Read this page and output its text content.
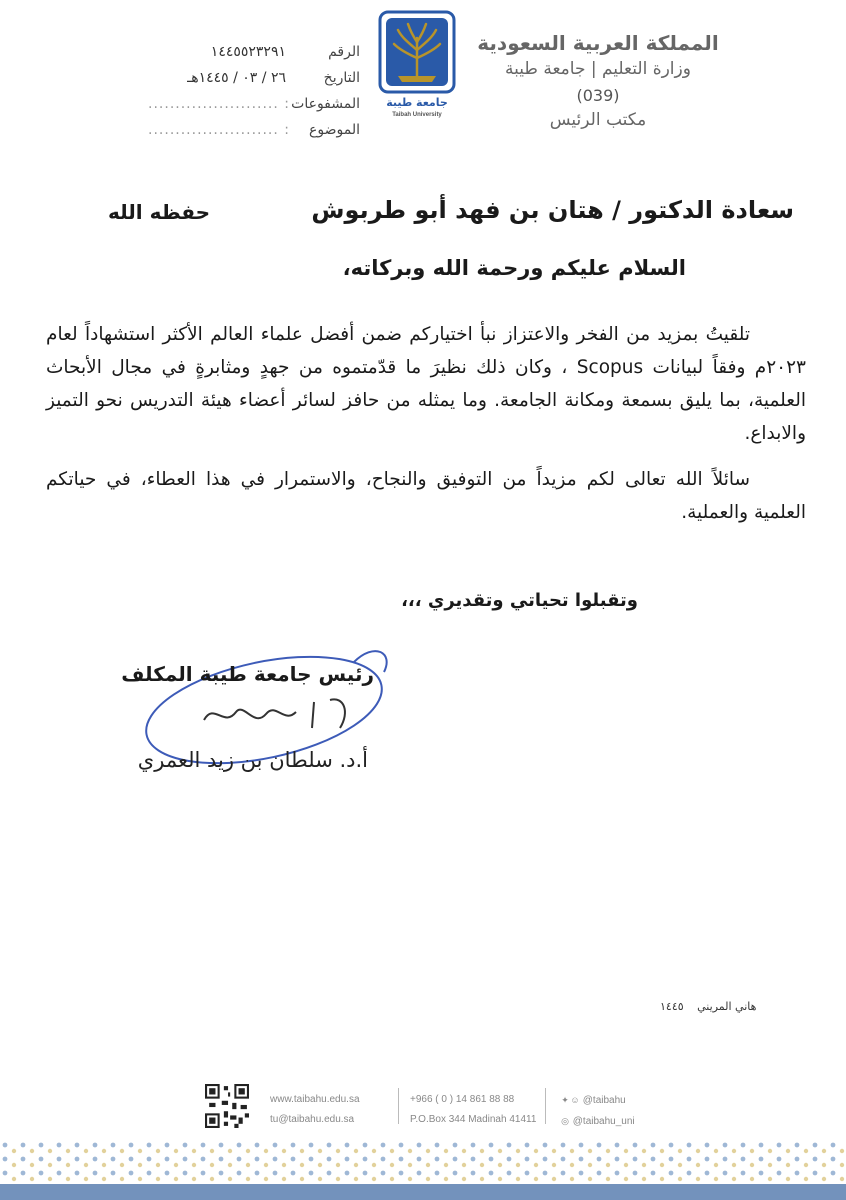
المملكة العربية السعودية
وزارة التعليم | جامعة طيبة
(039)
مكتب الرئيس
جامعة طيبة
Taibah University
الرقم
١٤٤٥٥٢٣٢٩١
التاريخ
٢٦ / ٠٣ / ١٤٤٥هـ
المشفوعات
: ........................
الموضوع
: ........................
سعادة الدكتور / هتان بن فهد أبو طربوش
حفظه الله
السلام عليكم ورحمة الله وبركاته،

تلقيتُ بمزيد من الفخر والاعتزاز نبأ اختياركم ضمن أفضل علماء العالم الأكثر استشهاداً لعام ٢٠٢٣م وفقاً لبيانات Scopus ، وكان ذلك نظيرَ ما قدّمتموه من جهدٍ ومثابرةٍ في مجال الأبحاث العلمية، بما يليق بسمعة ومكانة الجامعة. وما يمثله من حافز لسائر أعضاء هيئة التدريس نحو التميز والابداع.

سائلاً الله تعالى لكم مزيداً من التوفيق والنجاح، والاستمرار في هذا العطاء، في حياتكم العلمية والعملية.

وتقبلوا تحياتي وتقديري ،،،
رئيس جامعة طيبة المكلف
أ.د. سلطان بن زيد العمري
هاني المريني ١٤٤٥
www.taibahu.edu.sa
tu@taibahu.edu.sa
+966 ( 0 ) 14 861 88 88
P.O.Box 344 Madinah 41411
✦ ☺ @taibahu
◎ @taibahu_uni
